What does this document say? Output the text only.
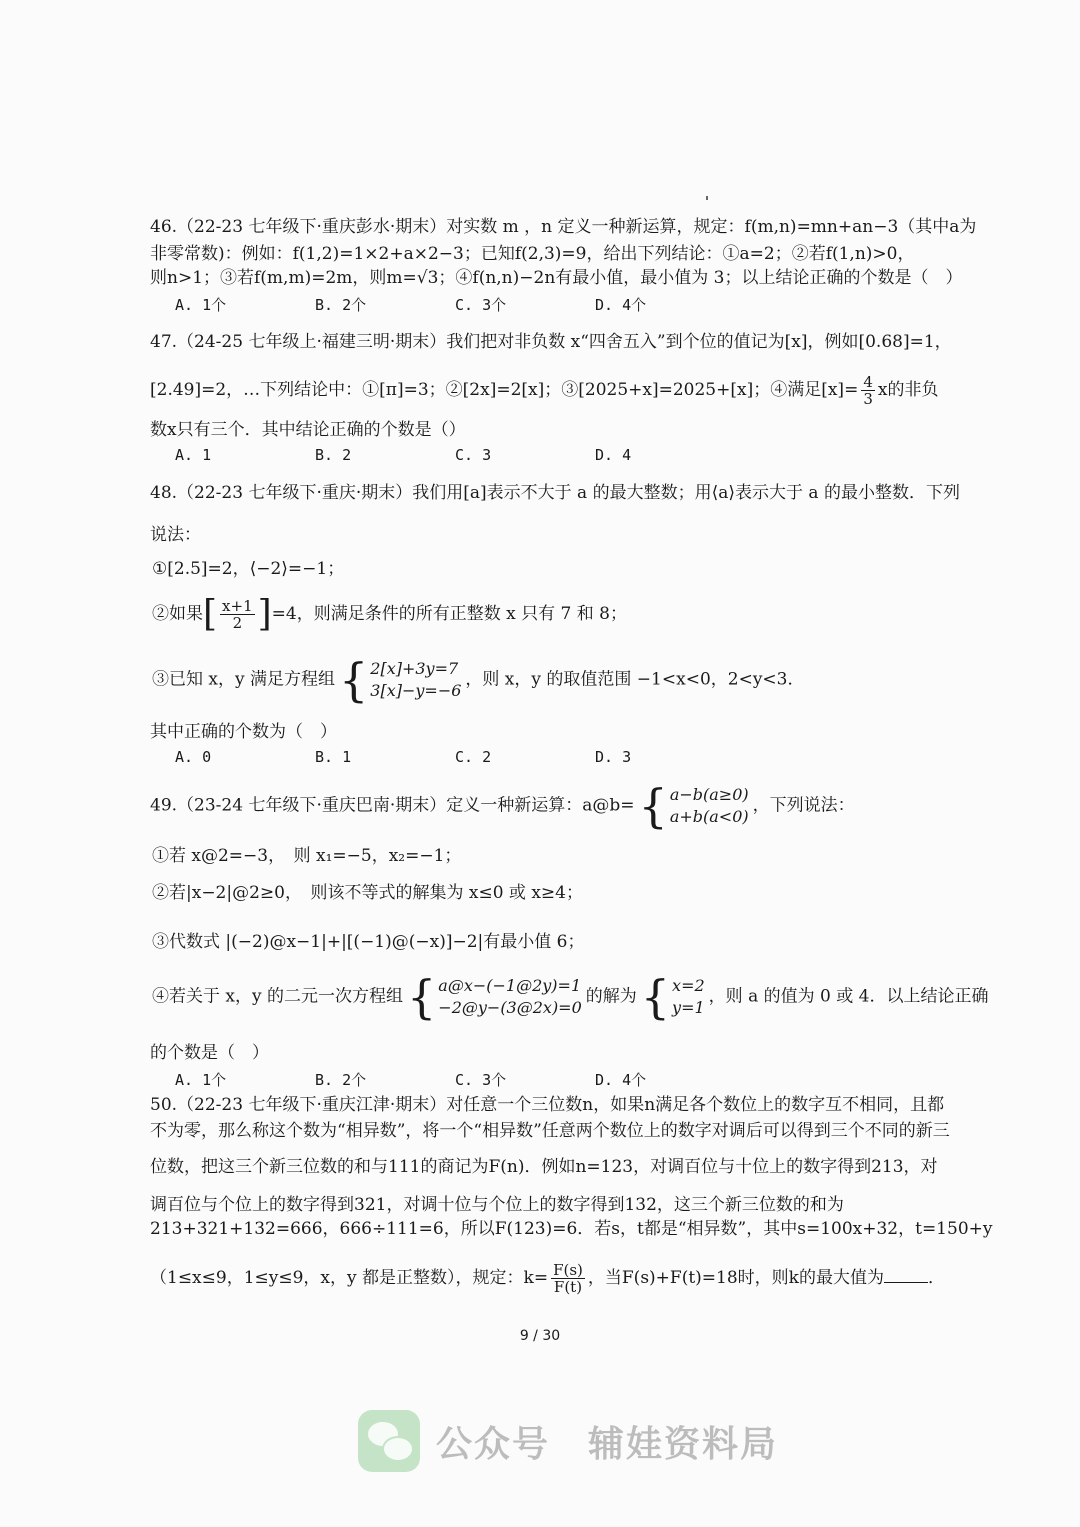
46.（22-23 七年级下·重庆彭水·期末）对实数 m ，n 定义一种新运算，规定：f(m,n)=mn+an−3（其中a为
非零常数)：例如：f(1,2)=1×2+a×2−3；已知f(2,3)=9，给出下列结论：①a=2；②若f(1,n)>0，
则n>1；③若f(m,m)=2m，则m=√3；④f(n,n)−2n有最小值，最小值为 3；以上结论正确的个数是（　）
A. 1个	B. 2个	C. 3个	D. 4个
47.（24-25 七年级上·福建三明·期末）我们把对非负数 x“四舍五入”到个位的值记为[x]，例如[0.68]=1，
[2.49]=2，…下列结论中：①[π]=3；②[2x]=2[x]；③[2025+x]=2025+[x]；④满足$[x]= \frac{4}{3}$ x的非负
数x只有三个．其中结论正确的个数是（）
A. 1	B. 2	C. 3	D. 4
48.（22-23 七年级下·重庆·期末）我们用[a]表示不大于 a 的最大整数；用⟨a⟩表示大于 a 的最小整数．下列
说法：
①[2.5]=2，⟨−2⟩=−1；
②如果[ $\frac{x+1}{2} ]=4$，则满足条件的所有正整数 x 只有 7 和 8；
③已知 x，y 满足方程组 { 2[x]+3y=7
3[x]−y=−6
，则 x，y 的取值范围 −1<x<0，2<y<3．
其中正确的个数为（　）
A. 0	B. 1	C. 2	D. 3
49.（23-24 七年级下·重庆巴南·期末）定义一种新运算：a@b= { a−b(a≥0)
a+b(a<0)
，下列说法：
①若 x@2=−3，　则 x₁=−5，x₂=−1；
②若|x−2|@2≥0，　则该不等式的解集为 x≤0 或 x≥4；
③代数式 |(−2)@x−1|+|[(−1)@(−x)]−2|有最小值 6；
④若关于 x，y 的二元一次方程组 { a@x−(−1@2y)=1
−2@y−(3@2x)=0
的解为 { x=2
y=1
，则 a 的值为 0 或 4．以上结论正确
的个数是（　）
A. 1个	B. 2个	C. 3个	D. 4个
50.（22-23 七年级下·重庆江津·期末）对任意一个三位数n，如果n满足各个数位上的数字互不相同，且都
不为零，那么称这个数为“相异数”，将一个“相异数”任意两个数位上的数字对调后可以得到三个不同的新三
位数，把这三个新三位数的和与111的商记为F(n)．例如n=123，对调百位与十位上的数字得到213，对
调百位与个位上的数字得到321，对调十位与个位上的数字得到132，这三个新三位数的和为
213+321+132=666，666÷111=6，所以F(123)=6．若s，t都是“相异数”，其中s=100x+32，t=150+y
（1≤x≤9，1≤y≤9，x，y 都是正整数），规定：$k= \frac{F(s)}{F(t)}$ ，当F(s)+F(t)=18时，则k的最大值为	．
9 / 30
公众号　辅娃资料局
